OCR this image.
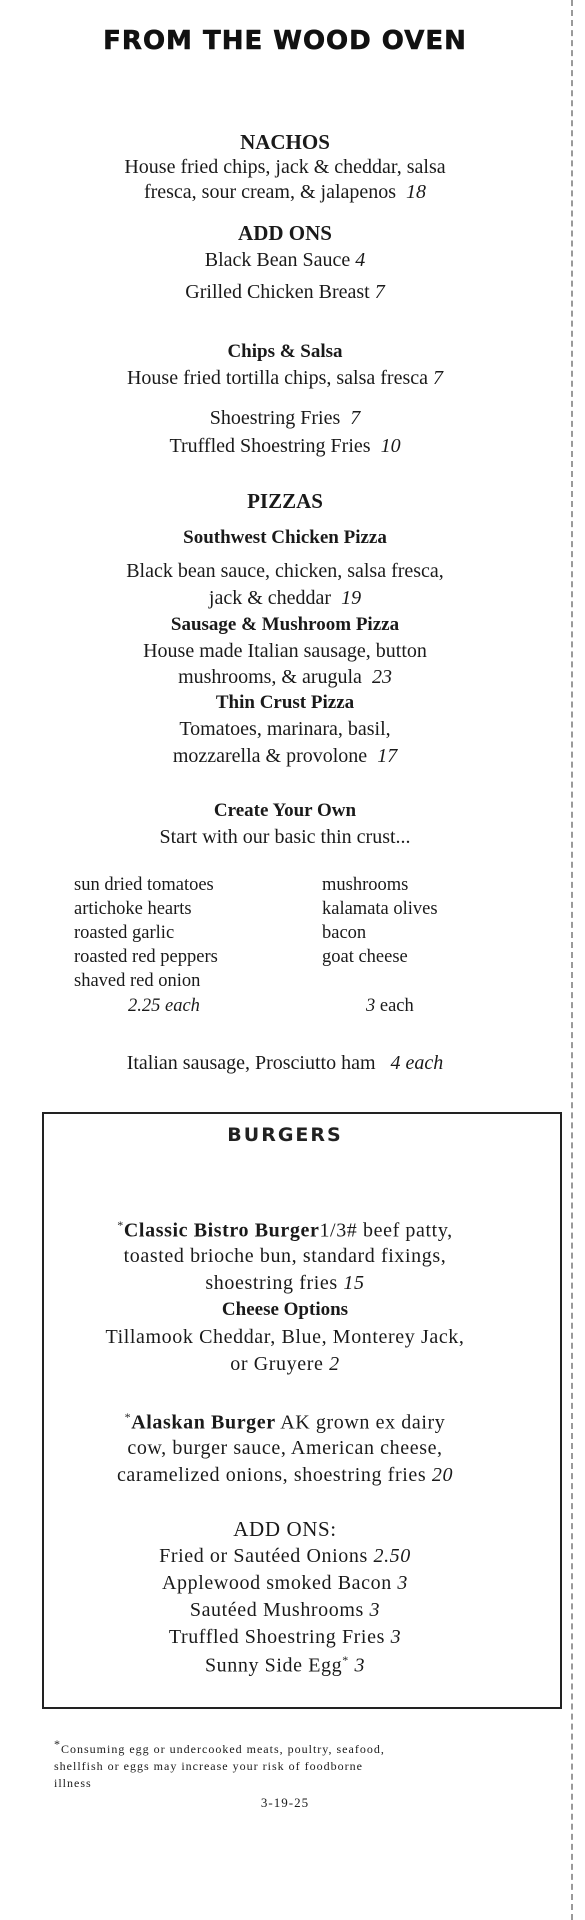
FROM THE WOOD OVEN
NACHOS
House fried chips, jack & cheddar, salsa
fresca, sour cream, & jalapenos 18
ADD ONS
Black Bean Sauce 4
Grilled Chicken Breast 7
Chips & Salsa
House fried tortilla chips, salsa fresca 7
Shoestring Fries 7
Truffled Shoestring Fries 10
PIZZAS
Southwest Chicken Pizza
Black bean sauce, chicken, salsa fresca,
jack & cheddar 19
Sausage & Mushroom Pizza
House made Italian sausage, button
mushrooms, & arugula 23
Thin Crust Pizza
Tomatoes, marinara, basil,
mozzarella & provolone 17
Create Your Own
Start with our basic thin crust...
sun dried tomatoes
artichoke hearts
roasted garlic
roasted red peppers
shaved red onion
2.25 each
mushrooms
kalamata olives
bacon
goat cheese
3 each
Italian sausage, Prosciutto ham 4 each
BURGERS
*Classic Bistro Burger1/3# beef patty,
toasted brioche bun, standard fixings,
shoestring fries 15
Cheese Options
Tillamook Cheddar, Blue, Monterey Jack,
or Gruyere 2
*Alaskan Burger AK grown ex dairy
cow, burger sauce, American cheese,
caramelized onions, shoestring fries 20
ADD ONS:
Fried or Sautéed Onions 2.50
Applewood smoked Bacon 3
Sautéed Mushrooms 3
Truffled Shoestring Fries 3
Sunny Side Egg* 3
*Consuming egg or undercooked meats, poultry, seafood,
shellfish or eggs may increase your risk of foodborne
illness
3-19-25
